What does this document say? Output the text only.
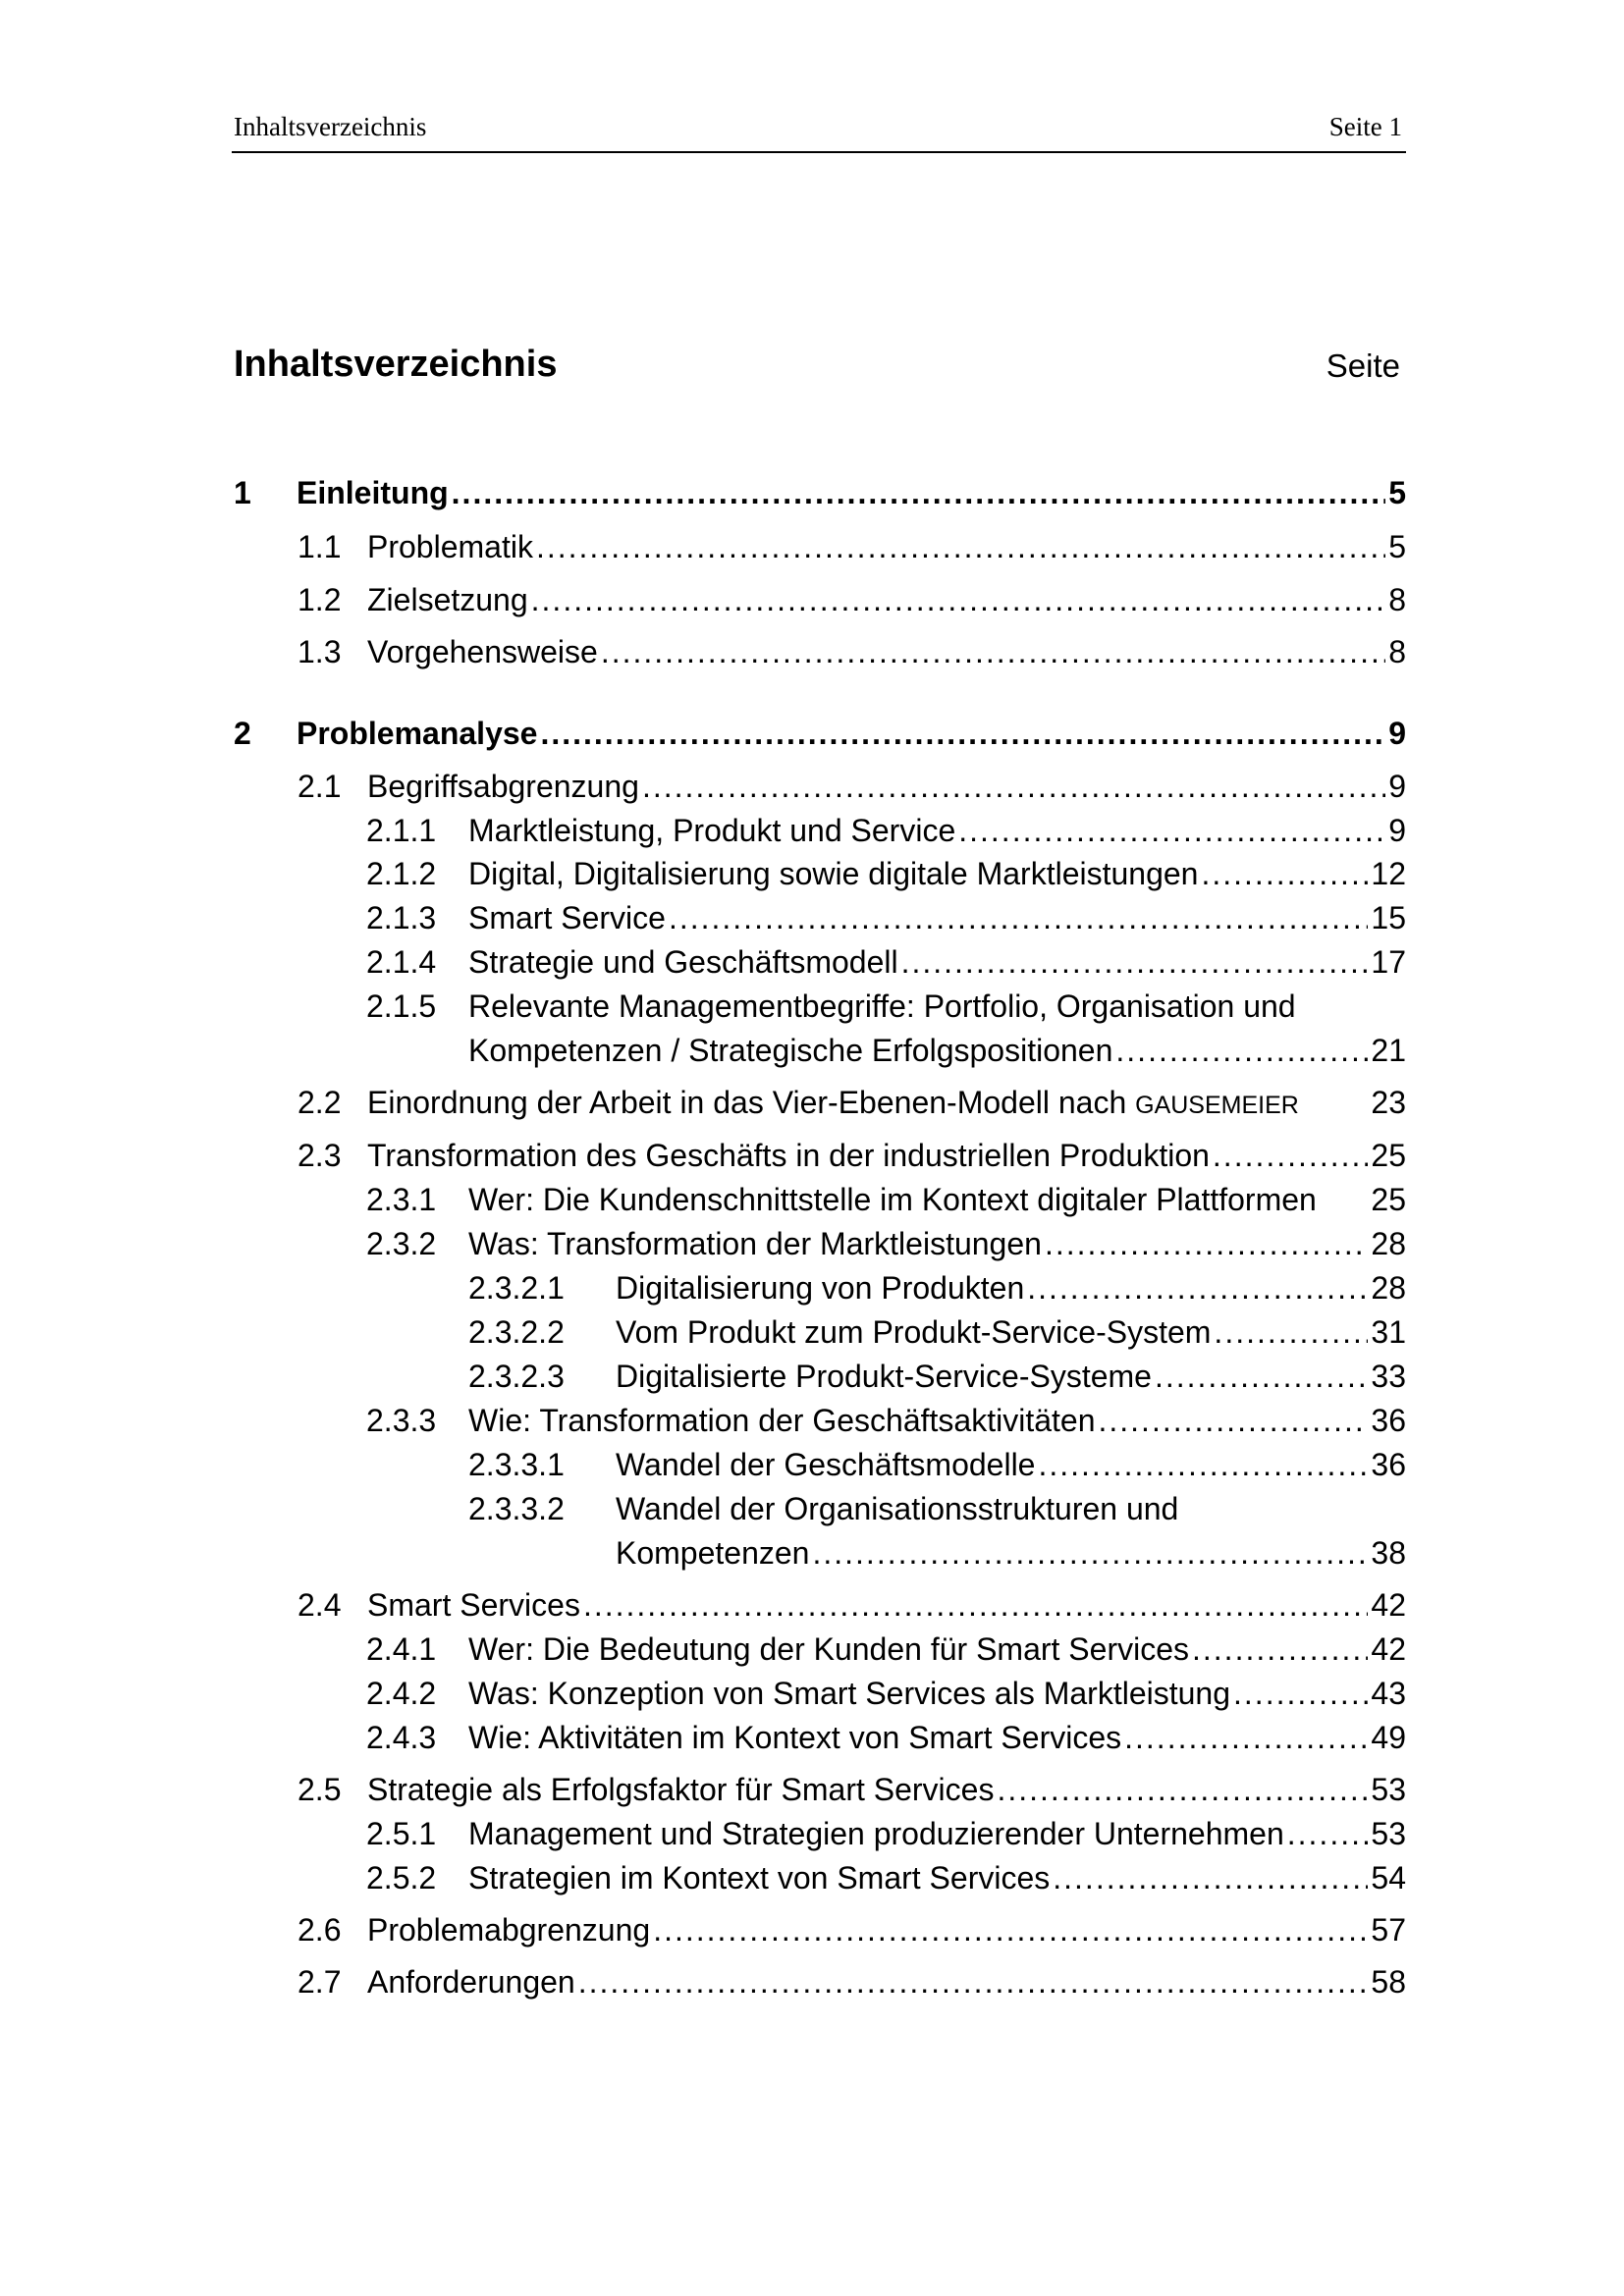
Inhaltsverzeichnis	Seite 1
Inhaltsverzeichnis	Seite
1 Einleitung .....	5
1.1 Problematik .....	5
1.2 Zielsetzung .....	8
1.3 Vorgehensweise .....	8
2 Problemanalyse .....	9
2.1 Begriffsabgrenzung .....	9
2.1.1 Marktleistung, Produkt und Service .....	9
2.1.2 Digital, Digitalisierung sowie digitale Marktleistungen .....	12
2.1.3 Smart Service .....	15
2.1.4 Strategie und Geschäftsmodell .....	17
2.1.5 Relevante Managementbegriffe: Portfolio, Organisation und
Kompetenzen / Strategische Erfolgspositionen .....	21
2.2 Einordnung der Arbeit in das Vier-Ebenen-Modell nach GAUSEMEIER 23
2.3 Transformation des Geschäfts in der industriellen Produktion .....	25
2.3.1 Wer: Die Kundenschnittstelle im Kontext digitaler Plattformen 25
2.3.2 Was: Transformation der Marktleistungen .....	28
2.3.2.1 Digitalisierung von Produkten .....	28
2.3.2.2 Vom Produkt zum Produkt-Service-System .....	31
2.3.2.3 Digitalisierte Produkt-Service-Systeme .....	33
2.3.3 Wie: Transformation der Geschäftsaktivitäten .....	36
2.3.3.1 Wandel der Geschäftsmodelle .....	36
2.3.3.2 Wandel der Organisationsstrukturen und
Kompetenzen .....	38
2.4 Smart Services .....	42
2.4.1 Wer: Die Bedeutung der Kunden für Smart Services .....	42
2.4.2 Was: Konzeption von Smart Services als Marktleistung .....	43
2.4.3 Wie: Aktivitäten im Kontext von Smart Services .....	49
2.5 Strategie als Erfolgsfaktor für Smart Services .....	53
2.5.1 Management und Strategien produzierender Unternehmen .....	53
2.5.2 Strategien im Kontext von Smart Services .....	54
2.6 Problemabgrenzung .....	57
2.7 Anforderungen .....	58
